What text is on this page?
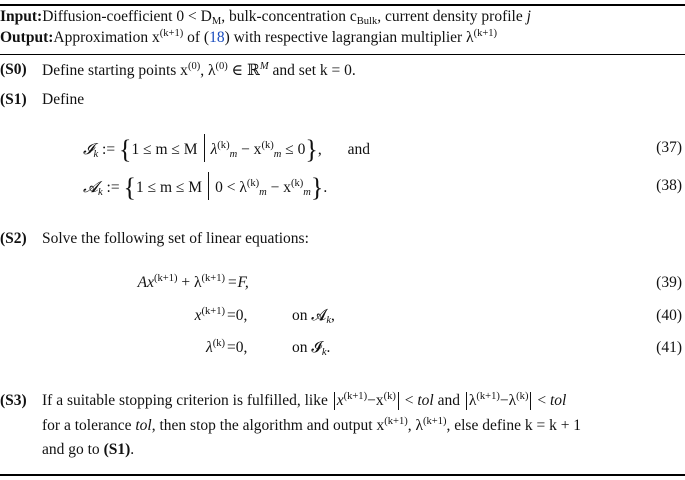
Input:Diffusion-coefficient $0 < D_M$, bulk-concentration $c_{Bulk}$, current density profile j
Output:Approximation $x^{(k+1)}$ of (18) with respective lagrangian multiplier $\lambda^{(k+1)}$
(S0) Define starting points $x^{(0)}$, $\lambda^{(0)}$ ∈ ℝ$^M$ and set k = 0.
(S1) Define
𝓘$_k$ := {1 ≤ m ≤ M $\lambda^{(k)}_m - x^{(k)}_m \le 0$}, and	(37)
𝓐$_k$ := {1 ≤ m ≤ M $0 < \lambda^{(k)}_m - x^{(k)}_m$}.	(38)
(S2) Solve the following set of linear equations:
$Ax^{(k+1)} + \lambda^{(k+1)} =F$,	(39)
$x^{(k+1)} =0$,	on 𝓐$_k$,	(40)
$\lambda^{(k)} =0$,	on 𝓘$_k$.	(41)
(S3) If a suitable stopping criterion is fulfilled, like $x^{(k+1)}-x^{(k)}$ < tol and $\lambda^{(k+1)}-\lambda^{(k)}$ < tol
for a tolerance tol, then stop the algorithm and output $x^{(k+1)}$, $\lambda^{(k+1)}$, else define k = k + 1
and go to (S1).
